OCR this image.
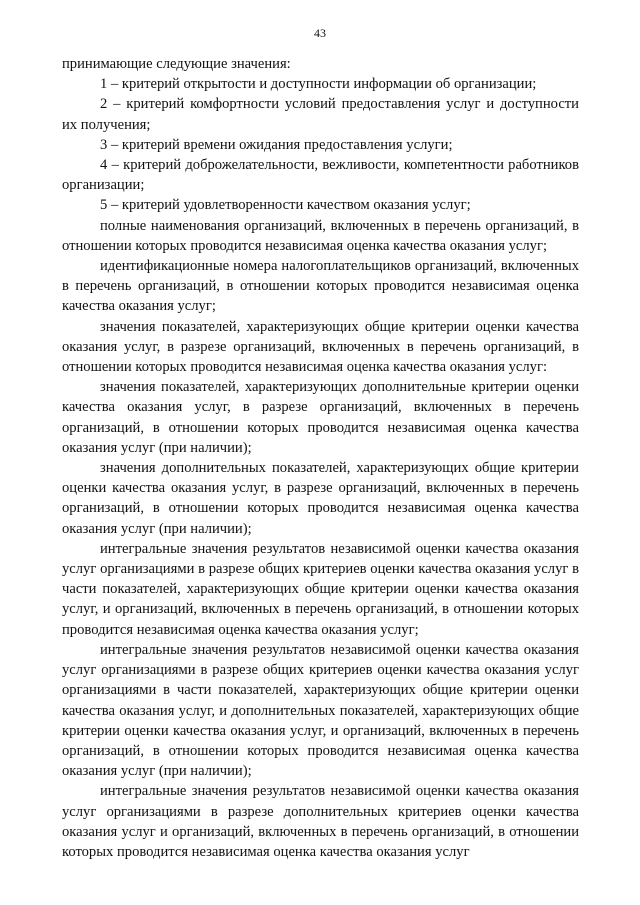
43

принимающие следующие значения:

1 – критерий открытости и доступности информации об организации;

2 – критерий комфортности условий предоставления услуг и доступности их получения;

3 – критерий времени ожидания предоставления услуги;

4 – критерий доброжелательности, вежливости, компетентности работников организации;

5 – критерий удовлетворенности качеством оказания услуг;

полные наименования организаций, включенных в перечень организаций, в отношении которых проводится независимая оценка качества оказания услуг;

идентификационные номера налогоплательщиков организаций, включенных в перечень организаций, в отношении которых проводится независимая оценка качества оказания услуг;

значения показателей, характеризующих общие критерии оценки качества оказания услуг, в разрезе организаций, включенных в перечень организаций, в отношении которых проводится независимая оценка качества оказания услуг:

значения показателей, характеризующих дополнительные критерии оценки качества оказания услуг, в разрезе организаций, включенных в перечень организаций, в отношении которых проводится независимая оценка качества оказания услуг (при наличии);

значения дополнительных показателей, характеризующих общие критерии оценки качества оказания услуг, в разрезе организаций, включенных в перечень организаций, в отношении которых проводится независимая оценка качества оказания услуг (при наличии);

интегральные значения результатов независимой оценки качества оказания услуг организациями в разрезе общих критериев оценки качества оказания услуг в части показателей, характеризующих общие критерии оценки качества оказания услуг, и организаций, включенных в перечень организаций, в отношении которых проводится независимая оценка качества оказания услуг;

интегральные значения результатов независимой оценки качества оказания услуг организациями в разрезе общих критериев оценки качества оказания услуг организациями в части показателей, характеризующих общие критерии оценки качества оказания услуг, и дополнительных показателей, характеризующих общие критерии оценки качества оказания услуг, и организаций, включенных в перечень организаций, в отношении которых проводится независимая оценка качества оказания услуг (при наличии);

интегральные значения результатов независимой оценки качества оказания услуг организациями в разрезе дополнительных критериев оценки качества оказания услуг и организаций, включенных в перечень организаций, в отношении которых проводится независимая оценка качества оказания услуг
